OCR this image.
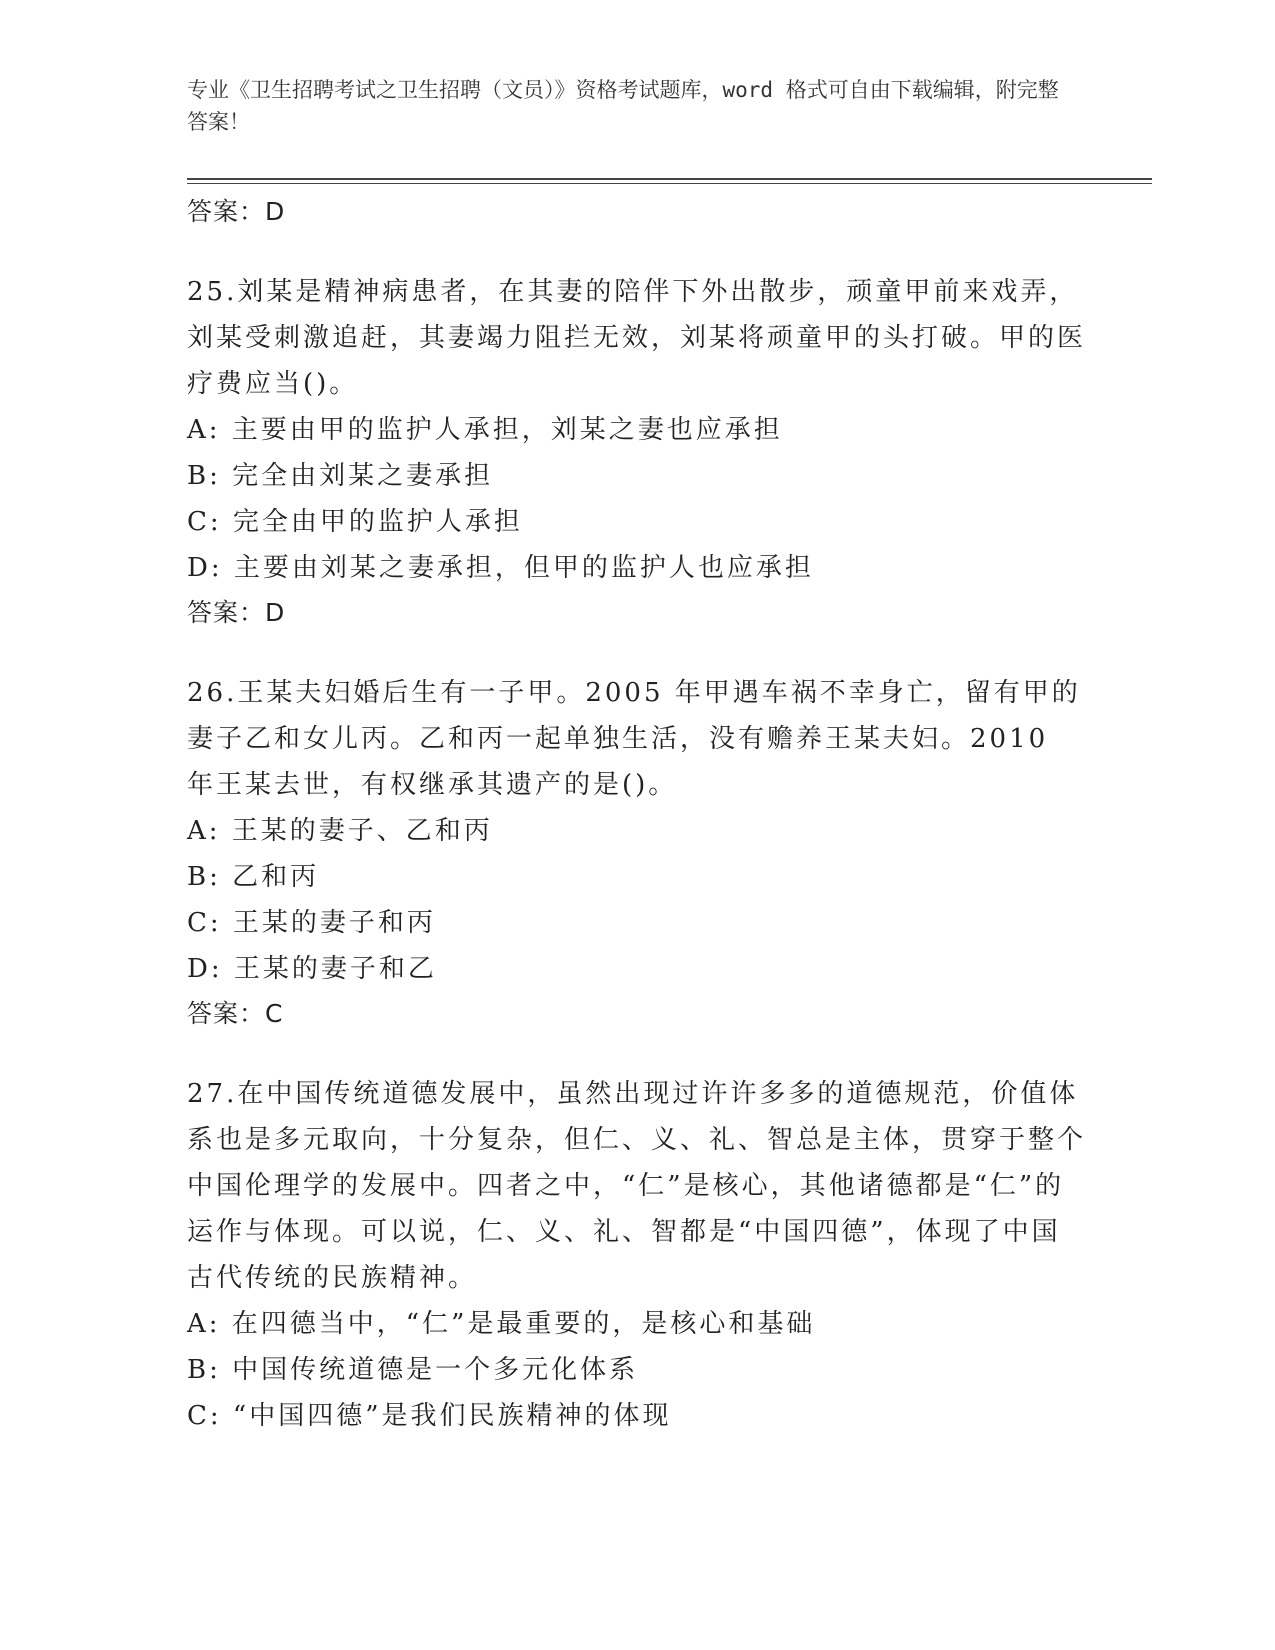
专业《卫生招聘考试之卫生招聘（文员）》资格考试题库，word 格式可自由下载编辑，附完整答案！
答案：D
25.刘某是精神病患者，在其妻的陪伴下外出散步，顽童甲前来戏弄，刘某受刺激追赶，其妻竭力阻拦无效，刘某将顽童甲的头打破。甲的医疗费应当()。
A: 主要由甲的监护人承担，刘某之妻也应承担
B: 完全由刘某之妻承担
C: 完全由甲的监护人承担
D: 主要由刘某之妻承担，但甲的监护人也应承担
答案：D
26.王某夫妇婚后生有一子甲。2005 年甲遇车祸不幸身亡，留有甲的妻子乙和女儿丙。乙和丙一起单独生活，没有赡养王某夫妇。2010 年王某去世，有权继承其遗产的是()。
A: 王某的妻子、乙和丙
B: 乙和丙
C: 王某的妻子和丙
D: 王某的妻子和乙
答案：C
27.在中国传统道德发展中，虽然出现过许许多多的道德规范，价值体系也是多元取向，十分复杂，但仁、义、礼、智总是主体，贯穿于整个中国伦理学的发展中。四者之中，“仁”是核心，其他诸德都是“仁”的运作与体现。可以说，仁、义、礼、智都是“中国四德”，体现了中国古代传统的民族精神。
A: 在四德当中，“仁”是最重要的，是核心和基础
B: 中国传统道德是一个多元化体系
C: “中国四德”是我们民族精神的体现
